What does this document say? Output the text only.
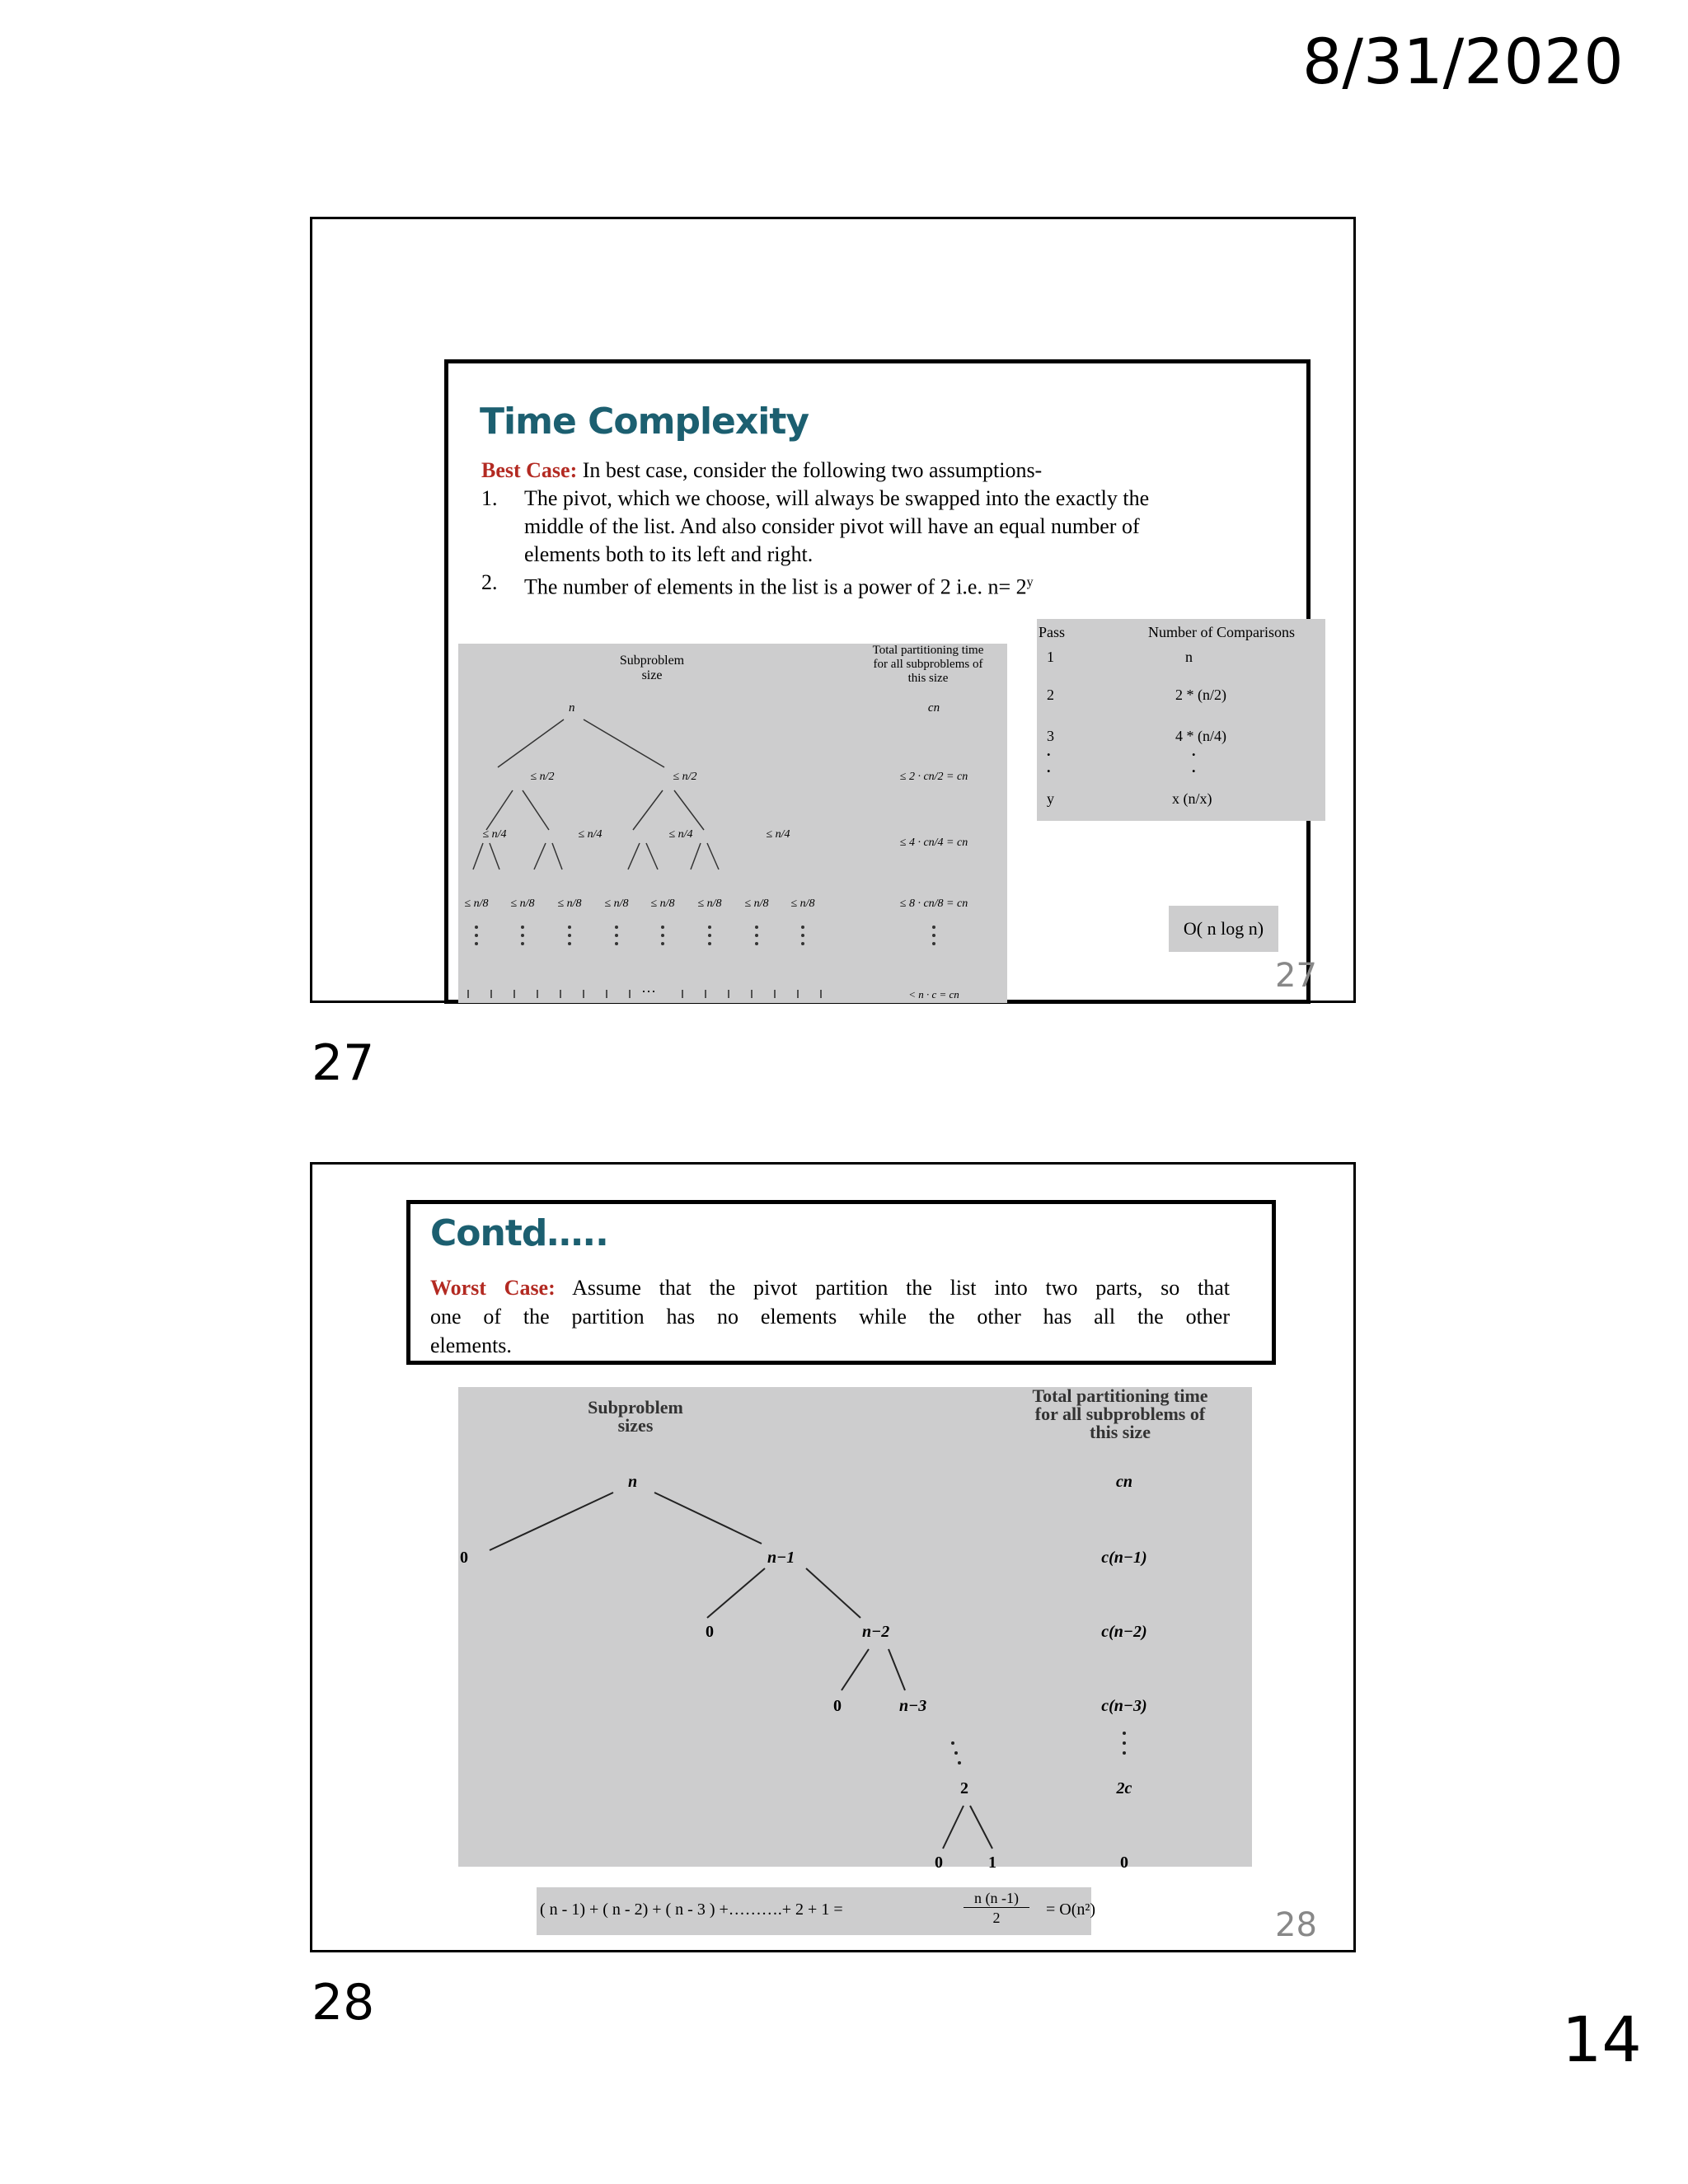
8/31/2020
27
28	14
Time Complexity
Best Case: In best case, consider the following two assumptions-
1. The pivot, which we choose, will always be swapped into the exactly the
middle of the list. And also consider pivot will have an equal number of
elements both to its left and right.
2. The number of elements in the list is a power of 2 i.e. $n= 2^y$
Subproblem
size
Total partitioning time
for all subproblems of
this size
n
≤ n/2	≤ n/2
≤ n/4	≤ n/4	≤ n/4	≤ n/4
≤ n/8	≤ n/8	≤ n/8	≤ n/8	≤ n/8	≤ n/8	≤ n/8	≤ n/8
···
cn
≤ 2 · cn/2 = cn
≤ 4 · cn/4 = cn
≤ 8 · cn/8 = cn
< n · c = cn
Pass	Number of Comparisons
1	n
2	2 * (n/2)
3	4 * (n/4)
.	.
.	.
y	x (n/x)
O( n log n)
27
Contd…..
Worst Case: Assume that the pivot partition the list into two parts, so that
one of the partition has no elements while the other has all the other
elements.
Subproblem
sizes
Total partitioning time
for all subproblems of
this size
n
0	n−1
0	n−2
0	n−3
2
0	1
cn
c(n−1)
c(n−2)
c(n−3)
2c
0
( n - 1) + ( n - 2) + ( n - 3 ) +……….+ 2 + 1 =
n (n -1)
2	= O(n²)	28
